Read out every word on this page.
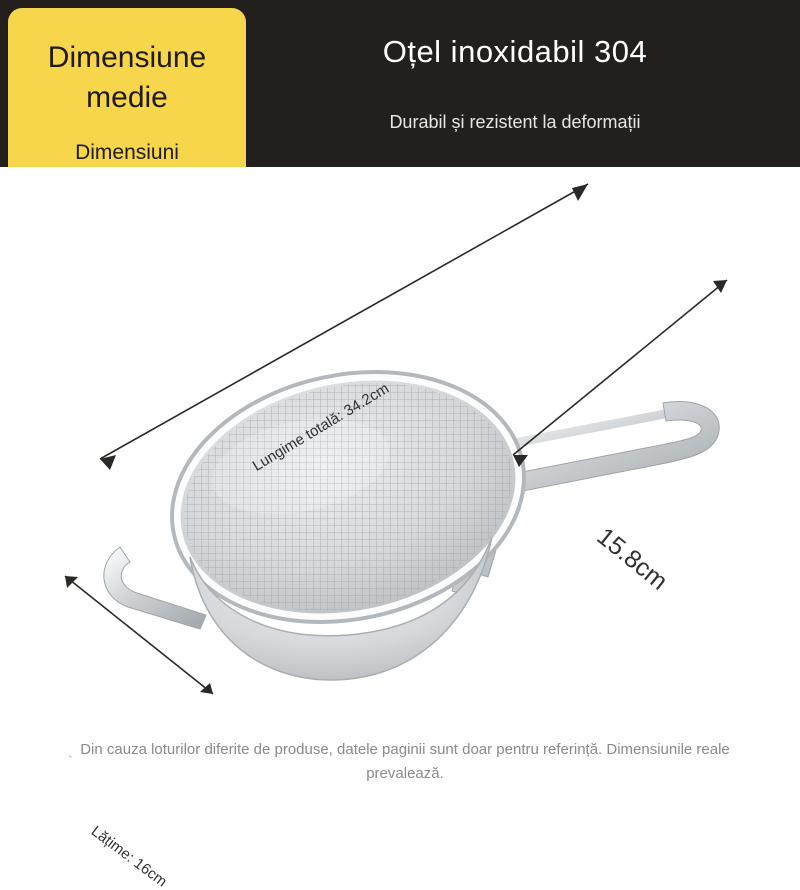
Oțel inoxidabil 304
Durabil și rezistent la deformații
Dimensiune medie
Dimensiuni
Lungime totală: 34.2cm
15.8cm
Lățime: 16cm
、 Din cauza loturilor diferite de produse, datele paginii sunt doar pentru referință. Dimensiunile reale prevalează.
